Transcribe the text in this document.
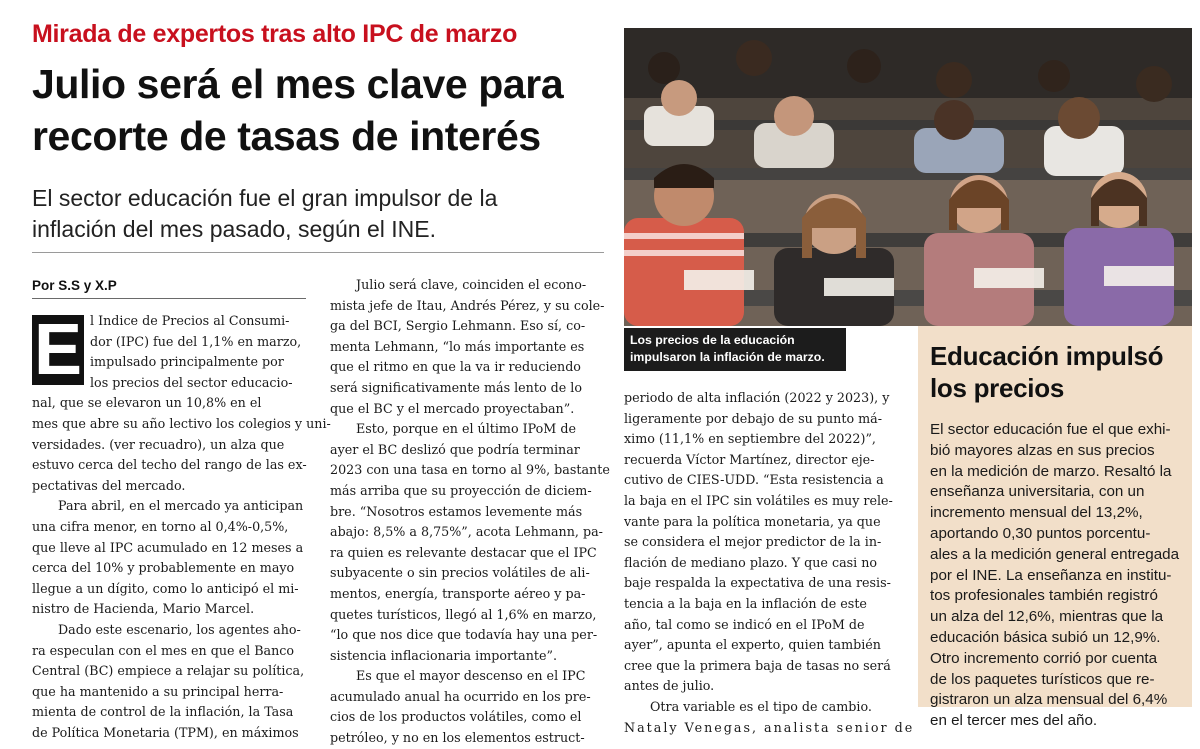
Mirada de expertos tras alto IPC de marzo
Julio será el mes clave para
recorte de tasas de interés
El sector educación fue el gran impulsor de la
inflación del mes pasado, según el INE.
Por S.S y X.P

E l Indice de Precios al Consumi-
dor (IPC) fue del 1,1% en marzo,
impulsado principalmente por
los precios del sector educacio-
nal, que se elevaron un 10,8% en el
mes que abre su año lectivo los colegios y uni-
versidades. (ver recuadro), un alza que
estuvo cerca del techo del rango de las ex-
pectativas del mercado.

Para abril, en el mercado ya anticipan
una cifra menor, en torno al 0,4%-0,5%,
que lleve al IPC acumulado en 12 meses a
cerca del 10% y probablemente en mayo
llegue a un dígito, como lo anticipó el mi-
nistro de Hacienda, Mario Marcel.

Dado este escenario, los agentes aho-
ra especulan con el mes en que el Banco
Central (BC) empiece a relajar su política,
que ha mantenido a su principal herra-
mienta de control de la inflación, la Tasa
de Política Monetaria (TPM), en máximos

Julio será clave, coinciden el econo-
mista jefe de Itau, Andrés Pérez, y su cole-
ga del BCI, Sergio Lehmann. Eso sí, co-
menta Lehmann, “lo más importante es
que el ritmo en que la va ir reduciendo
será significativamente más lento de lo
que el BC y el mercado proyectaban”.

Esto, porque en el último IPoM de
ayer el BC deslizó que podría terminar
2023 con una tasa en torno al 9%, bastante
más arriba que su proyección de diciem-
bre. “Nosotros estamos levemente más
abajo: 8,5% a 8,75%”, acota Lehmann, pa-
ra quien es relevante destacar que el IPC
subyacente o sin precios volátiles de ali-
mentos, energía, transporte aéreo y pa-
quetes turísticos, llegó al 1,6% en marzo,
“lo que nos dice que todavía hay una per-
sistencia inflacionaria importante”.

Es que el mayor descenso en el IPC
acumulado anual ha ocurrido en los pre-
cios de los productos volátiles, como el
petróleo, y no en los elementos estruct-

Los precios de la educación
impulsaron la inflación de marzo.

periodo de alta inflación (2022 y 2023), y
ligeramente por debajo de su punto má-
ximo (11,1% en septiembre del 2022)”,
recuerda Víctor Martínez, director eje-
cutivo de CIES-UDD. “Esta resistencia a
la baja en el IPC sin volátiles es muy rele-
vante para la política monetaria, ya que
se considera el mejor predictor de la in-
flación de mediano plazo. Y que casi no
baje respalda la expectativa de una resis-
tencia a la baja en la inflación de este
año, tal como se indicó en el IPoM de
ayer”, apunta el experto, quien también
cree que la primera baja de tasas no será
antes de julio.

Otra variable es el tipo de cambio.
Nataly Venegas, analista senior de

Educación impulsó
los precios
El sector educación fue el que exhi-
bió mayores alzas en sus precios
en la medición de marzo. Resaltó la
enseñanza universitaria, con un
incremento mensual del 13,2%,
aportando 0,30 puntos porcentu-
ales a la medición general entregada
por el INE. La enseñanza en institu-
tos profesionales también registró
un alza del 12,6%, mientras que la
educación básica subió un 12,9%.
Otro incremento corrió por cuenta
de los paquetes turísticos que re-
gistraron un alza mensual del 6,4%
en el tercer mes del año.
